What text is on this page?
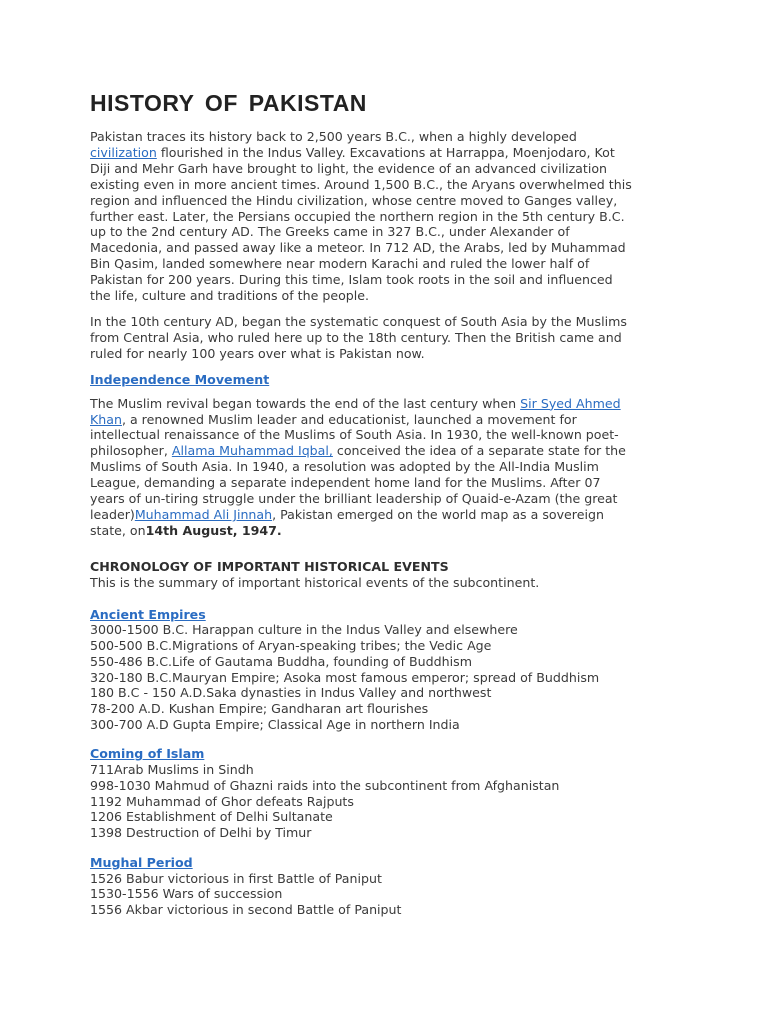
HISTORY OF PAKISTAN

Pakistan traces its history back to 2,500 years B.C., when a highly developed civilization flourished in the Indus Valley. Excavations at Harrappa, Moenjodaro, Kot Diji and Mehr Garh have brought to light, the evidence of an advanced civilization existing even in more ancient times. Around 1,500 B.C., the Aryans overwhelmed this region and influenced the Hindu civilization, whose centre moved to Ganges valley, further east. Later, the Persians occupied the northern region in the 5th century B.C. up to the 2nd century AD. The Greeks came in 327 B.C., under Alexander of Macedonia, and passed away like a meteor. In 712 AD, the Arabs, led by Muhammad Bin Qasim, landed somewhere near modern Karachi and ruled the lower half of Pakistan for 200 years. During this time, Islam took roots in the soil and influenced the life, culture and traditions of the people.

In the 10th century AD, began the systematic conquest of South Asia by the Muslims from Central Asia, who ruled here up to the 18th century. Then the British came and ruled for nearly 100 years over what is Pakistan now.

Independence Movement

The Muslim revival began towards the end of the last century when Sir Syed Ahmed Khan, a renowned Muslim leader and educationist, launched a movement for intellectual renaissance of the Muslims of South Asia. In 1930, the well-known poet-philosopher, Allama Muhammad Iqbal, conceived the idea of a separate state for the Muslims of South Asia. In 1940, a resolution was adopted by the All-India Muslim League, demanding a separate independent home land for the Muslims. After 07 years of un-tiring struggle under the brilliant leadership of Quaid-e-Azam (the great leader)Muhammad Ali Jinnah, Pakistan emerged on the world map as a sovereign state, on14th August, 1947.

CHRONOLOGY OF IMPORTANT HISTORICAL EVENTS
This is the summary of important historical events of the subcontinent.
Ancient Empires
3000-1500 B.C. Harappan culture in the Indus Valley and elsewhere
500-500 B.C.Migrations of Aryan-speaking tribes; the Vedic Age
550-486 B.C.Life of Gautama Buddha, founding of Buddhism
320-180 B.C.Mauryan Empire; Asoka most famous emperor; spread of Buddhism
180 B.C - 150 A.D.Saka dynasties in Indus Valley and northwest
78-200 A.D. Kushan Empire; Gandharan art flourishes
300-700 A.D Gupta Empire; Classical Age in northern India
Coming of Islam
711Arab Muslims in Sindh
998-1030 Mahmud of Ghazni raids into the subcontinent from Afghanistan
1192 Muhammad of Ghor defeats Rajputs
1206 Establishment of Delhi Sultanate
1398 Destruction of Delhi by Timur
Mughal Period
1526 Babur victorious in first Battle of Paniput
1530-1556 Wars of succession
1556 Akbar victorious in second Battle of Paniput
